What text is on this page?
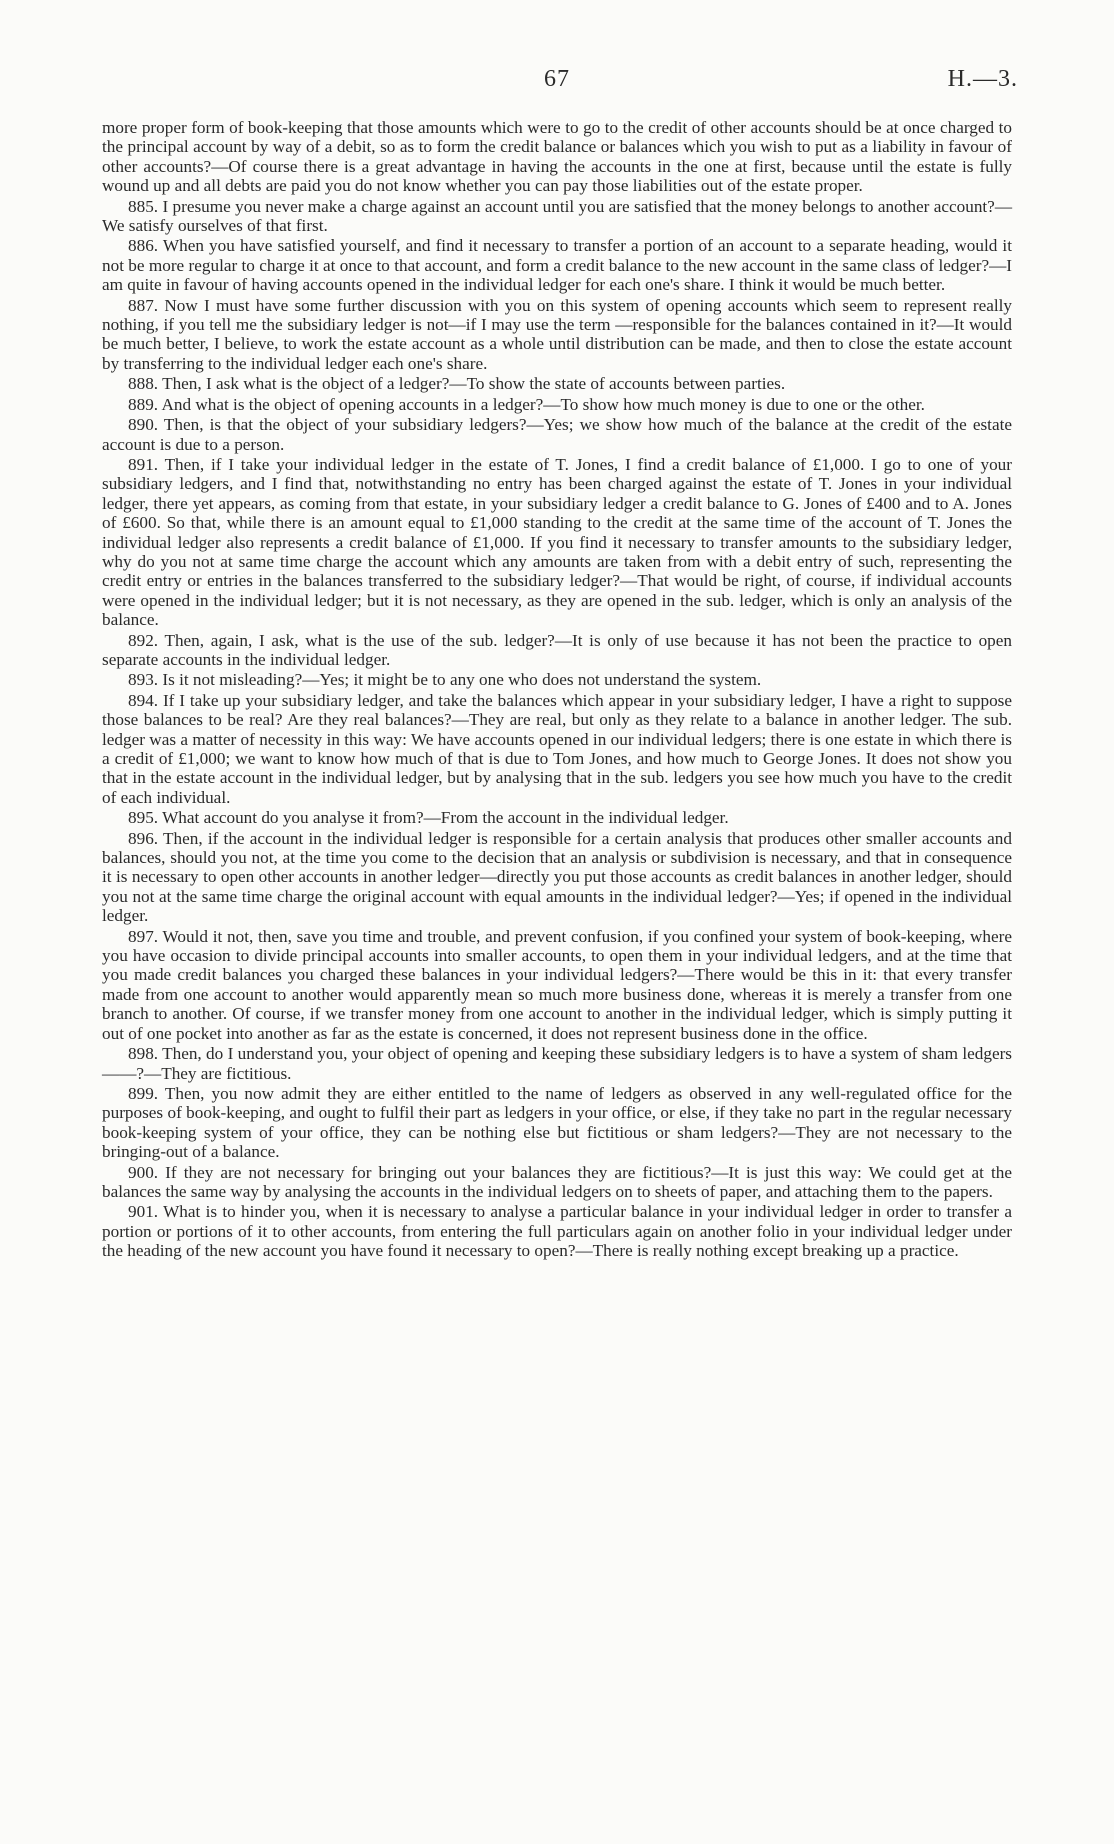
67	H.—3.

more proper form of book-keeping that those amounts which were to go to the credit of other accounts should be at once charged to the principal account by way of a debit, so as to form the credit balance or balances which you wish to put as a liability in favour of other accounts?—Of course there is a great advantage in having the accounts in the one at first, because until the estate is fully wound up and all debts are paid you do not know whether you can pay those liabilities out of the estate proper.

885. I presume you never make a charge against an account until you are satisfied that the money belongs to another account?—We satisfy ourselves of that first.

886. When you have satisfied yourself, and find it necessary to transfer a portion of an account to a separate heading, would it not be more regular to charge it at once to that account, and form a credit balance to the new account in the same class of ledger?—I am quite in favour of having accounts opened in the individual ledger for each one's share. I think it would be much better.

887. Now I must have some further discussion with you on this system of opening accounts which seem to represent really nothing, if you tell me the subsidiary ledger is not—if I may use the term —responsible for the balances contained in it?—It would be much better, I believe, to work the estate account as a whole until distribution can be made, and then to close the estate account by transferring to the individual ledger each one's share.

888. Then, I ask what is the object of a ledger?—To show the state of accounts between parties.

889. And what is the object of opening accounts in a ledger?—To show how much money is due to one or the other.

890. Then, is that the object of your subsidiary ledgers?—Yes; we show how much of the balance at the credit of the estate account is due to a person.

891. Then, if I take your individual ledger in the estate of T. Jones, I find a credit balance of £1,000. I go to one of your subsidiary ledgers, and I find that, notwithstanding no entry has been charged against the estate of T. Jones in your individual ledger, there yet appears, as coming from that estate, in your subsidiary ledger a credit balance to G. Jones of £400 and to A. Jones of £600. So that, while there is an amount equal to £1,000 standing to the credit at the same time of the account of T. Jones the individual ledger also represents a credit balance of £1,000. If you find it necessary to transfer amounts to the subsidiary ledger, why do you not at same time charge the account which any amounts are taken from with a debit entry of such, representing the credit entry or entries in the balances transferred to the subsidiary ledger?—That would be right, of course, if individual accounts were opened in the individual ledger; but it is not necessary, as they are opened in the sub. ledger, which is only an analysis of the balance.

892. Then, again, I ask, what is the use of the sub. ledger?—It is only of use because it has not been the practice to open separate accounts in the individual ledger.

893. Is it not misleading?—Yes; it might be to any one who does not understand the system.

894. If I take up your subsidiary ledger, and take the balances which appear in your subsidiary ledger, I have a right to suppose those balances to be real? Are they real balances?—They are real, but only as they relate to a balance in another ledger. The sub. ledger was a matter of necessity in this way: We have accounts opened in our individual ledgers; there is one estate in which there is a credit of £1,000; we want to know how much of that is due to Tom Jones, and how much to George Jones. It does not show you that in the estate account in the individual ledger, but by analysing that in the sub. ledgers you see how much you have to the credit of each individual.

895. What account do you analyse it from?—From the account in the individual ledger.

896. Then, if the account in the individual ledger is responsible for a certain analysis that produces other smaller accounts and balances, should you not, at the time you come to the decision that an analysis or subdivision is necessary, and that in consequence it is necessary to open other accounts in another ledger—directly you put those accounts as credit balances in another ledger, should you not at the same time charge the original account with equal amounts in the individual ledger?—Yes; if opened in the individual ledger.

897. Would it not, then, save you time and trouble, and prevent confusion, if you confined your system of book-keeping, where you have occasion to divide principal accounts into smaller accounts, to open them in your individual ledgers, and at the time that you made credit balances you charged these balances in your individual ledgers?—There would be this in it: that every transfer made from one account to another would apparently mean so much more business done, whereas it is merely a transfer from one branch to another. Of course, if we transfer money from one account to another in the individual ledger, which is simply putting it out of one pocket into another as far as the estate is concerned, it does not represent business done in the office.

898. Then, do I understand you, your object of opening and keeping these subsidiary ledgers is to have a system of sham ledgers——?—They are fictitious.

899. Then, you now admit they are either entitled to the name of ledgers as observed in any well-regulated office for the purposes of book-keeping, and ought to fulfil their part as ledgers in your office, or else, if they take no part in the regular necessary book-keeping system of your office, they can be nothing else but fictitious or sham ledgers?—They are not necessary to the bringing-out of a balance.

900. If they are not necessary for bringing out your balances they are fictitious?—It is just this way: We could get at the balances the same way by analysing the accounts in the individual ledgers on to sheets of paper, and attaching them to the papers.

901. What is to hinder you, when it is necessary to analyse a particular balance in your individual ledger in order to transfer a portion or portions of it to other accounts, from entering the full particulars again on another folio in your individual ledger under the heading of the new account you have found it necessary to open?—There is really nothing except breaking up a practice.
